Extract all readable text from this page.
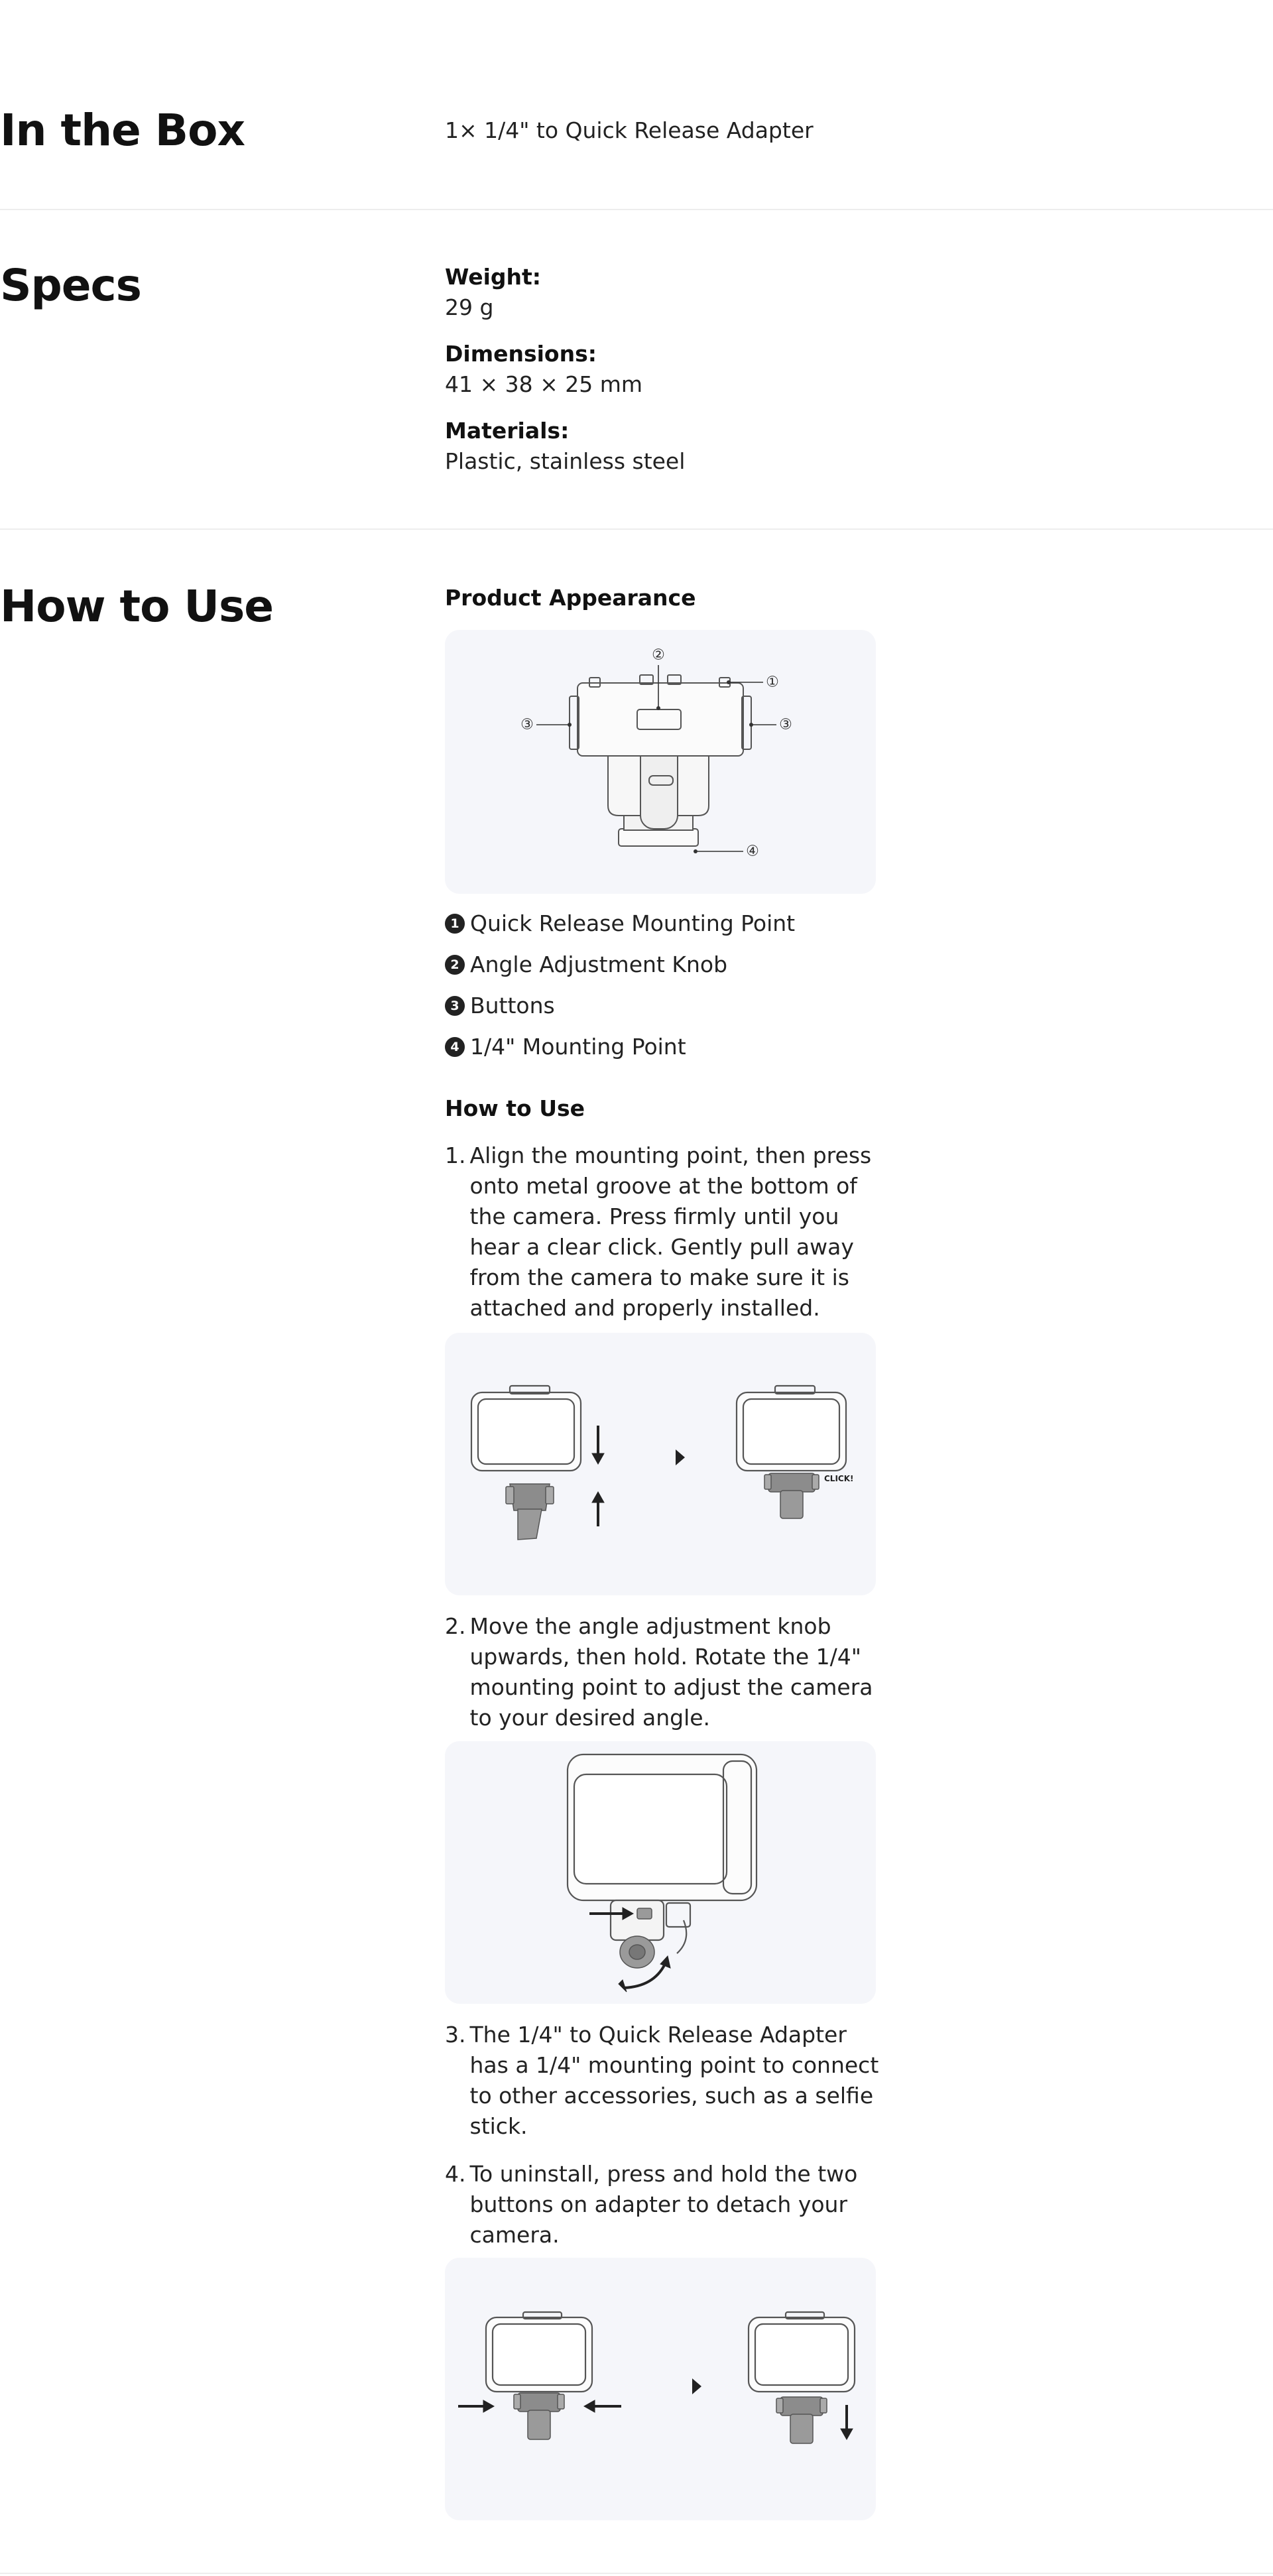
In the Box	1× 1/4" to Quick Release Adapter
Specs	Weight:
29 g
Dimensions:
41 × 38 × 25 mm
Materials:
Plastic, stainless steel
How to Use	Product Appearance
②
①
③	③
④
1 Quick Release Mounting Point
2 Angle Adjustment Knob
3 Buttons
4 1/4" Mounting Point
How to Use
1. Align the mounting point, then press onto metal groove at the bottom of the camera. Press firmly until you hear a clear click. Gently pull away from the camera to make sure it is attached and properly installed.
CLICK!
2. Move the angle adjustment knob upwards, then hold. Rotate the 1/4" mounting point to adjust the camera to your desired angle.
3. The 1/4" to Quick Release Adapter has a 1/4" mounting point to connect to other accessories, such as a selfie stick.
4. To uninstall, press and hold the two buttons on adapter to detach your camera.
